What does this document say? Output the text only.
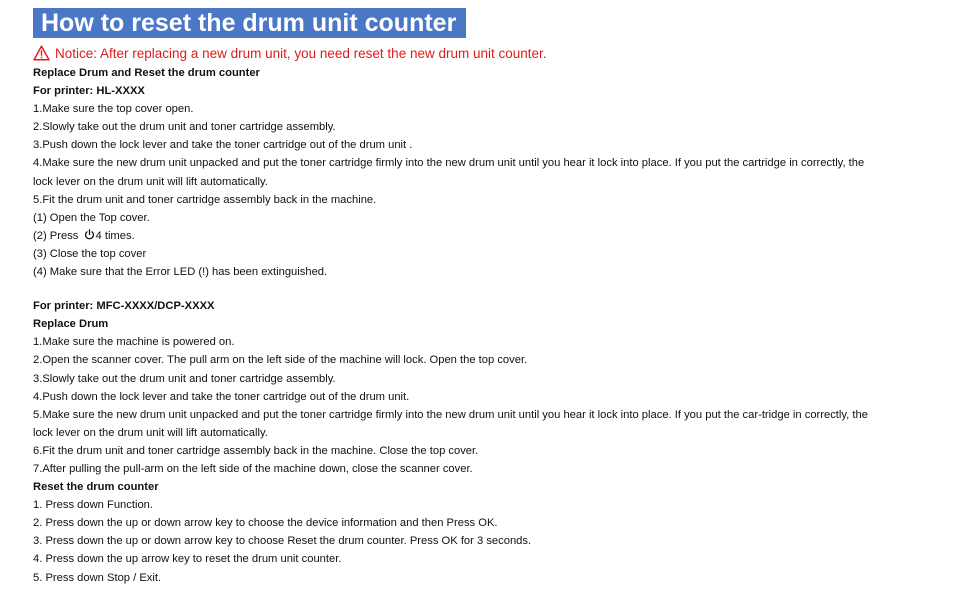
How to reset the drum unit counter
Notice: After replacing a new drum unit, you need reset the new drum unit counter.
Replace Drum and Reset the drum counter
For printer: HL-XXXX
1.Make sure the top cover open.
2.Slowly take out the drum unit and toner cartridge assembly.
3.Push down the lock lever and take the toner cartridge out of the drum unit .
4.Make sure the new drum unit unpacked and put the toner cartridge firmly into the new drum unit until you hear it lock into place. If you put the cartridge in correctly, the lock lever on the drum unit will lift automatically.
5.Fit the drum unit and toner cartridge assembly back in the machine.
(1) Open the Top cover.
(2) Press 4 times.
(3) Close the top cover
(4) Make sure that the Error LED (!) has been extinguished.
For printer: MFC-XXXX/DCP-XXXX
Replace Drum
1.Make sure the machine is powered on.
2.Open the scanner cover. The pull arm on the left side of the machine will lock. Open the top cover.
3.Slowly take out the drum unit and toner cartridge assembly.
4.Push down the lock lever and take the toner cartridge out of the drum unit.
5.Make sure the new drum unit unpacked and put the toner cartridge firmly into the new drum unit until you hear it lock into place. If you put the car-tridge in correctly, the lock lever on the drum unit will lift automatically.
6.Fit the drum unit and toner cartridge assembly back in the machine. Close the top cover.
7.After pulling the pull-arm on the left side of the machine down, close the scanner cover.
Reset the drum counter
1. Press down Function.
2. Press down the up or down arrow key to choose the device information and then Press OK.
3. Press down the up or down arrow key to choose Reset the drum counter. Press OK for 3 seconds.
4. Press down the up arrow key to reset the drum unit counter.
5. Press down Stop / Exit.
